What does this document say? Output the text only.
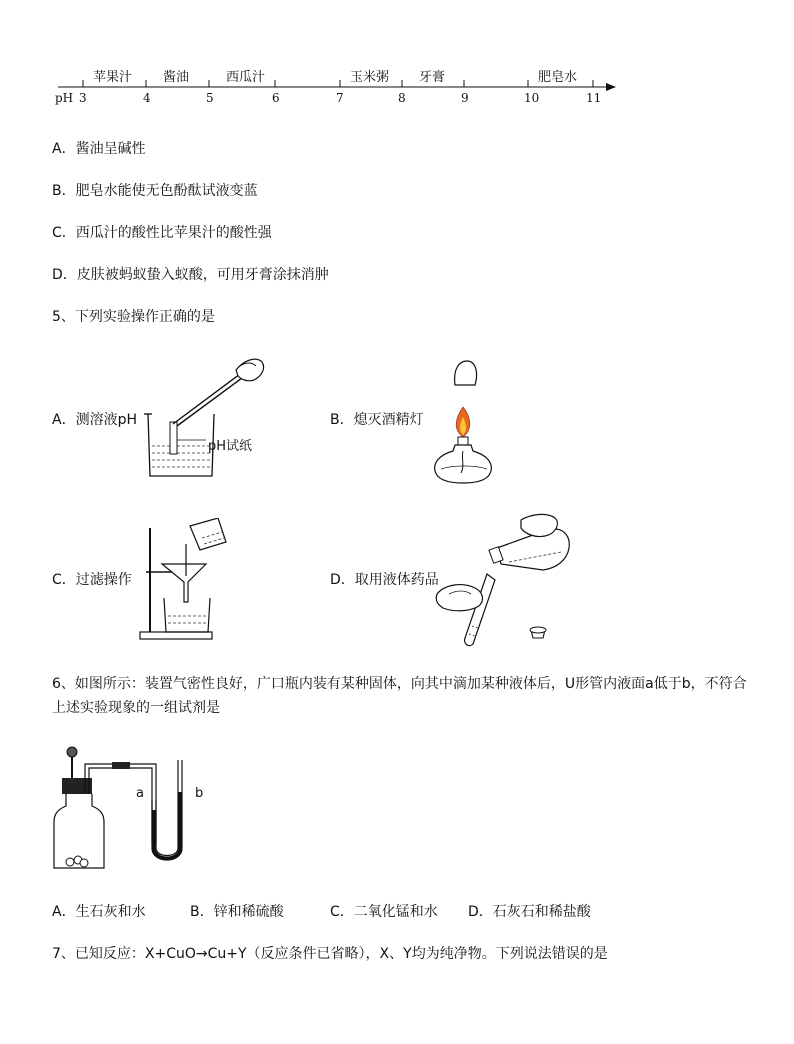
pH 3	4	5	6	7	8	9	10	11
苹果汁 酱油	西瓜汁	玉米粥 牙膏	肥皂水
A．酱油呈碱性
B．肥皂水能使无色酚酞试液变蓝
C．西瓜汁的酸性比苹果汁的酸性强
D．皮肤被蚂蚁蛰入蚁酸，可用牙膏涂抹消肿
5、下列实验操作正确的是
A．测溶液pH
pH试纸
B．熄灭酒精灯
C．过滤操作	D．取用液体药品
6、如图所示：装置气密性良好，广口瓶内装有某种固体，向其中滴加某种液体后，U形管内液面a低于b，不符合上述实验现象的一组试剂是
a	b
A．生石灰和水	B．锌和稀硫酸	C．二氧化锰和水 D．石灰石和稀盐酸
7、已知反应：X+CuO→Cu+Y（反应条件已省略），X、Y均为纯净物。下列说法错误的是
